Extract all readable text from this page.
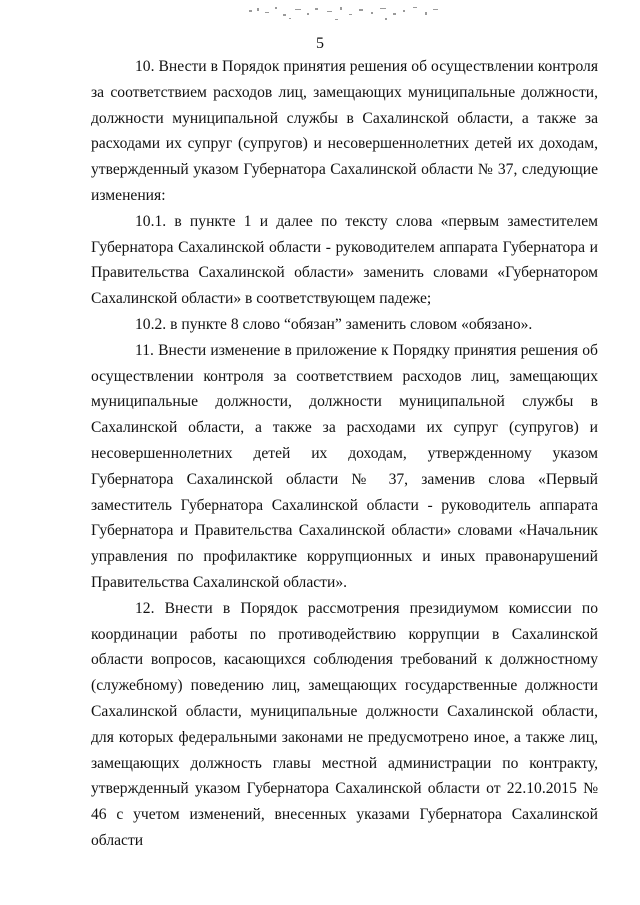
5

10. Внести в Порядок принятия решения об осуществлении контроля за соответствием расходов лиц, замещающих муниципальные должности, должности муниципальной службы в Сахалинской области, а также за расходами их супруг (супругов) и несовершеннолетних детей их доходам, утвержденный указом Губернатора Сахалинской области № 37, следующие изменения:

10.1. в пункте 1 и далее по тексту слова «первым заместителем Губернатора Сахалинской области - руководителем аппарата Губернатора и Правительства Сахалинской области» заменить словами «Губернатором Сахалинской области» в соответствующем падеже;

10.2. в пункте 8 слово “обязан” заменить словом «обязано».

11. Внести изменение в приложение к Порядку принятия решения об осуществлении контроля за соответствием расходов лиц, замещающих муниципальные должности, должности муниципальной службы в Сахалинской области, а также за расходами их супруг (супругов) и несовершеннолетних детей их доходам, утвержденному указом Губернатора Сахалинской области № 37, заменив слова «Первый заместитель Губернатора Сахалинской области - руководитель аппарата Губернатора и Правительства Сахалинской области» словами «Начальник управления по профилактике коррупционных и иных правонарушений Правительства Сахалинской области».

12. Внести в Порядок рассмотрения президиумом комиссии по координации работы по противодействию коррупции в Сахалинской области вопросов, касающихся соблюдения требований к должностному (служебному) поведению лиц, замещающих государственные должности Сахалинской области, муниципальные должности Сахалинской области, для которых федеральными законами не предусмотрено иное, а также лиц, замещающих должность главы местной администрации по контракту, утвержденный указом Губернатора Сахалинской области от 22.10.2015 № 46 с учетом изменений, внесенных указами Губернатора Сахалинской области
